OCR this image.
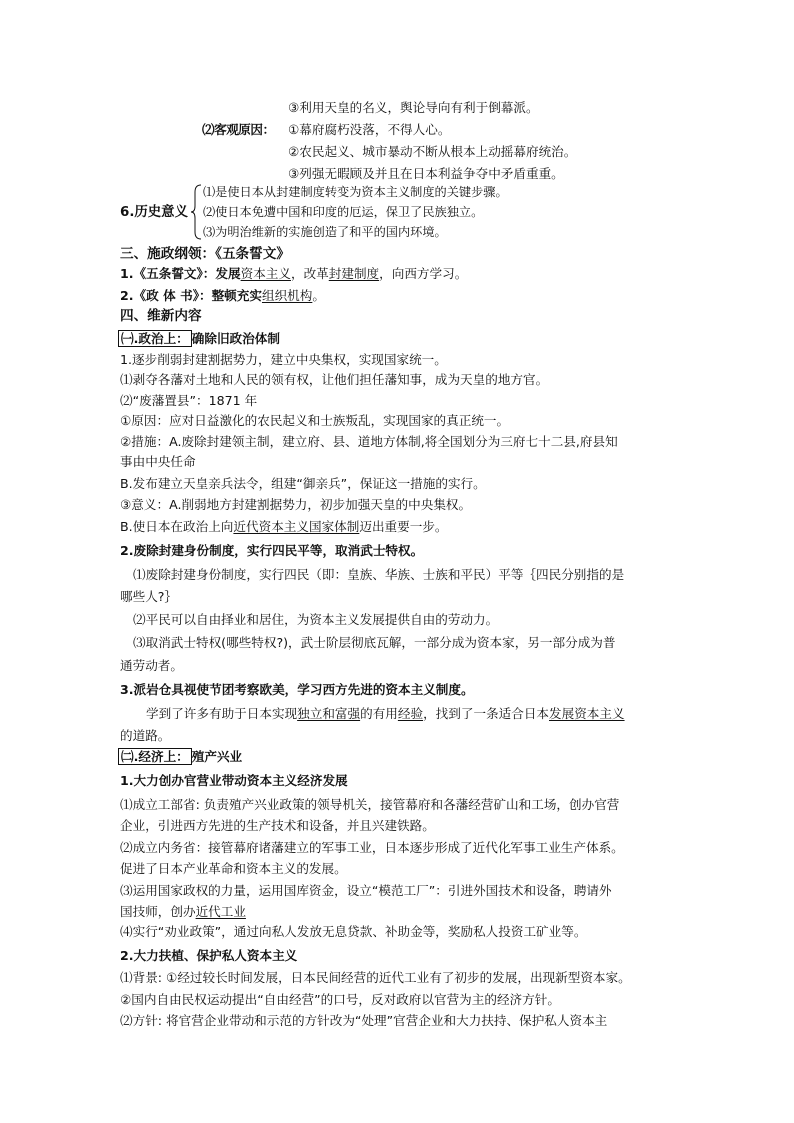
③利用天皇的名义，舆论导向有利于倒幕派。
⑵客观原因： ①幕府腐朽没落，不得人心。
②农民起义、城市暴动不断从根本上动摇幕府统治。
③列强无暇顾及并且在日本利益争夺中矛盾重重。
6.历史意义
⑴是使日本从封建制度转变为资本主义制度的关键步骤。
⑵使日本免遭中国和印度的厄运，保卫了民族独立。
⑶为明治维新的实施创造了和平的国内环境。
三、施政纲领：《五条誓文》
1.《五条誓文》：发展资本主义，改革封建制度，向西方学习。
2.《政 体 书》：整顿充实组织机构。
四、维新内容
㈠.政治上： 确除旧政治体制
1.逐步削弱封建割据势力，建立中央集权，实现国家统一。
⑴剥夺各藩对土地和人民的领有权，让他们担任藩知事，成为天皇的地方官。
⑵“废藩置县”：1871 年
①原因：应对日益激化的农民起义和士族叛乱，实现国家的真正统一。
②措施：A.废除封建领主制，建立府、县、道地方体制,将全国划分为三府七十二县,府县知
事由中央任命
B.发布建立天皇亲兵法令，组建“御亲兵”，保证这一措施的实行。
③意义：A.削弱地方封建割据势力，初步加强天皇的中央集权。
B.使日本在政治上向近代资本主义国家体制迈出重要一步。
2.废除封建身份制度，实行四民平等，取消武士特权。
⑴废除封建身份制度，实行四民（即：皇族、华族、士族和平民）平等｛四民分别指的是
哪些人?｝
⑵平民可以自由择业和居住，为资本主义发展提供自由的劳动力。
⑶取消武士特权(哪些特权?)，武士阶层彻底瓦解，一部分成为资本家，另一部分成为普
通劳动者。
3.派岩仓具视使节团考察欧美，学习西方先进的资本主义制度。
学到了许多有助于日本实现独立和富强的有用经验，找到了一条适合日本发展资本主义
的道路。
㈡.经济上： 殖产兴业
1.大力创办官营业带动资本主义经济发展
⑴成立工部省: 负责殖产兴业政策的领导机关，接管幕府和各藩经营矿山和工场，创办官营
企业，引进西方先进的生产技术和设备，并且兴建铁路。
⑵成立内务省：接管幕府诸藩建立的军事工业，日本逐步形成了近代化军事工业生产体系。
促进了日本产业革命和资本主义的发展。
⑶运用国家政权的力量，运用国库资金，设立“模范工厂”：引进外国技术和设备，聘请外
国技师，创办近代工业
⑷实行“劝业政策”，通过向私人发放无息贷款、补助金等，奖励私人投资工矿业等。
2.大力扶植、保护私人资本主义
⑴背景: ①经过较长时间发展，日本民间经营的近代工业有了初步的发展，出现新型资本家。
②国内自由民权运动提出“自由经营”的口号，反对政府以官营为主的经济方针。
⑵方针: 将官营企业带动和示范的方针改为“处理”官营企业和大力扶持、保护私人资本主
